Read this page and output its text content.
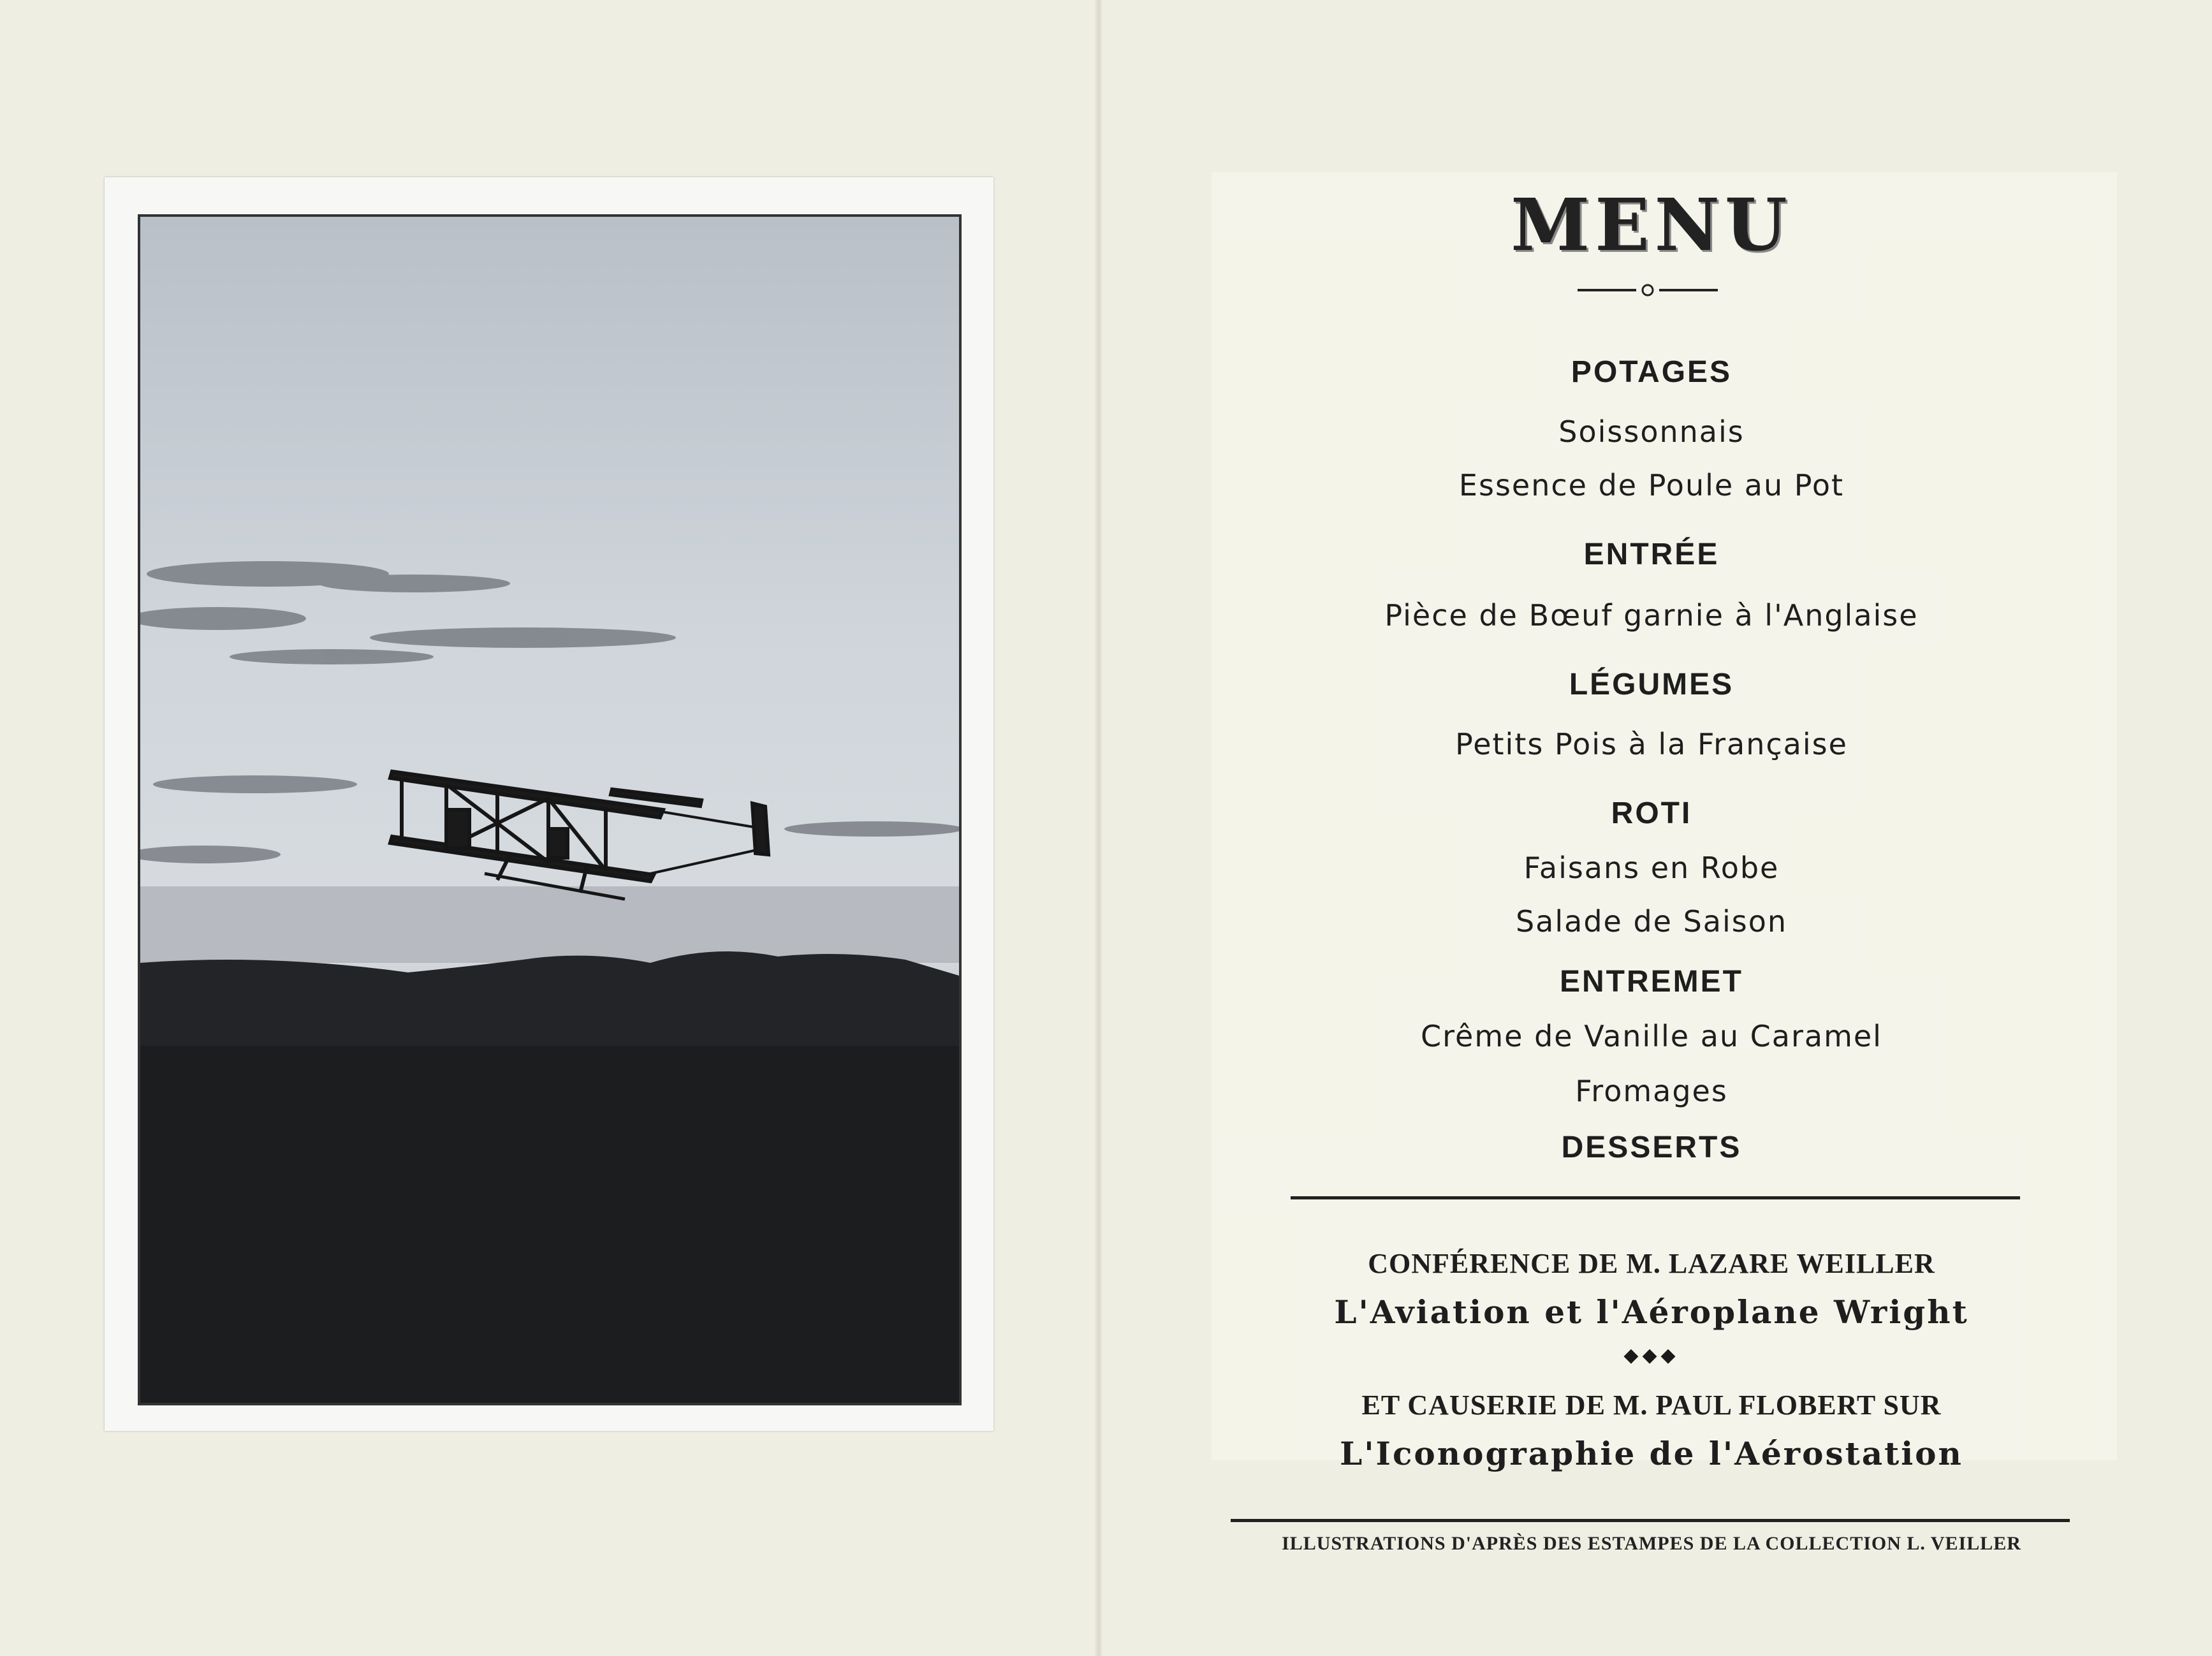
MENU
POTAGES
Soissonnais
Essence de Poule au Pot
ENTRÉE
Pièce de Bœuf garnie à l'Anglaise
LÉGUMES
Petits Pois à la Française
ROTI
Faisans en Robe
Salade de Saison
ENTREMET
Crême de Vanille au Caramel
Fromages
DESSERTS
CONFÉRENCE DE M. LAZARE WEILLER
L'Aviation et l'Aéroplane Wright
◆◆◆
ET CAUSERIE DE M. PAUL FLOBERT SUR
L'Iconographie de l'Aérostation
ILLUSTRATIONS D'APRÈS DES ESTAMPES DE LA COLLECTION L. VEILLER
